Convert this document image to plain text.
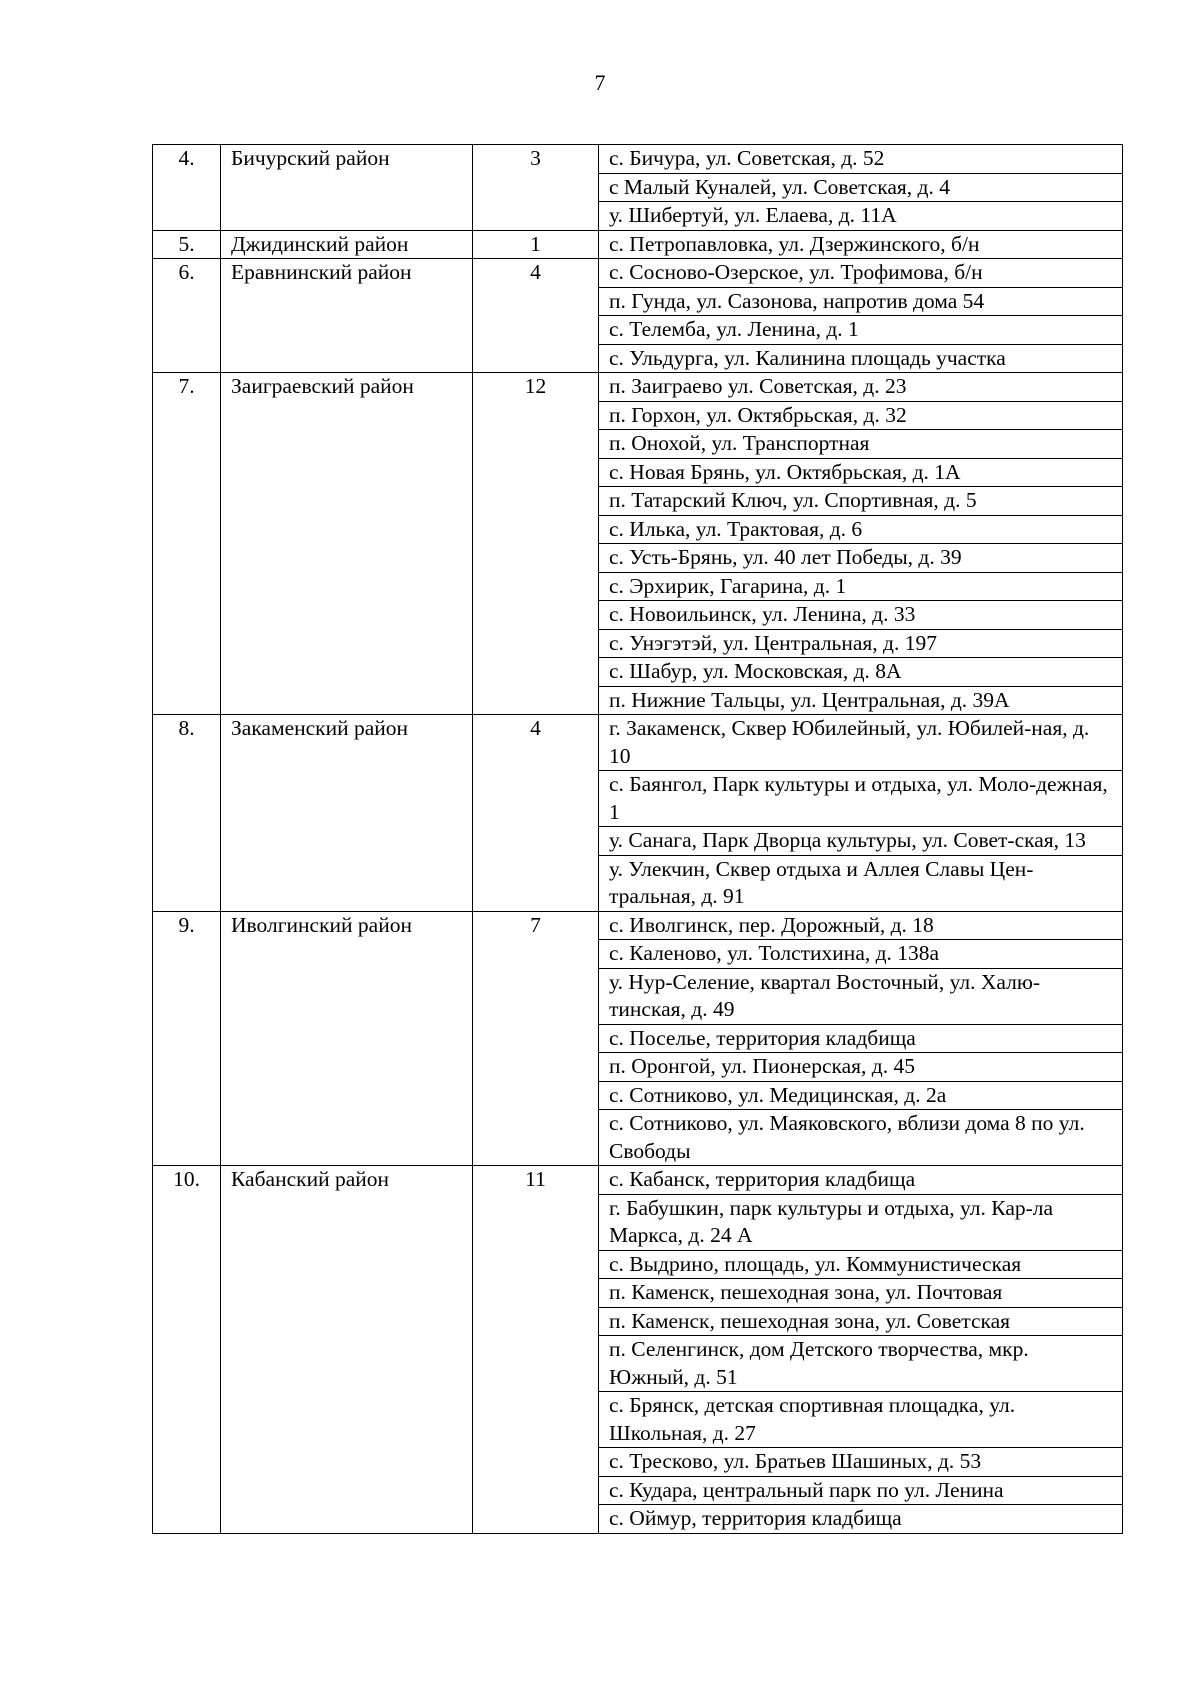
7
4.	Бичурский район	3	с. Бичура, ул. Советская, д. 52
			с Малый Куналей, ул. Советская, д. 4
			у. Шибертуй, ул. Елаева, д. 11А
5.	Джидинский район	1	с. Петропавловка, ул. Дзержинского, б/н
6.	Еравнинский район	4	с. Сосново-Озерское, ул. Трофимова, б/н
			п. Гунда, ул. Сазонова, напротив дома 54
			с. Телемба, ул. Ленина, д. 1
			с. Ульдурга, ул. Калинина площадь участка
7.	Заиграевский район	12	п. Заиграево ул. Советская, д. 23
			п. Горхон, ул. Октябрьская, д. 32
			п. Онохой, ул. Транспортная
			с. Новая Брянь, ул. Октябрьская, д. 1А
			п. Татарский Ключ, ул. Спортивная, д. 5
			с. Илька, ул. Трактовая, д. 6
			с. Усть-Брянь, ул. 40 лет Победы, д. 39
			с. Эрхирик, Гагарина, д. 1
			с. Новоильинск, ул. Ленина, д. 33
			с. Унэгэтэй, ул. Центральная, д. 197
			с. Шабур, ул. Московская, д. 8А
			п. Нижние Тальцы, ул. Центральная, д. 39А
8.	Закаменский район	4	г. Закаменск, Сквер Юбилейный, ул. Юбилей-ная, д. 10
			с. Баянгол, Парк культуры и отдыха, ул. Моло-дежная, 1
			у. Санага, Парк Дворца культуры, ул. Совет-ская, 13
			у. Улекчин, Сквер отдыха и Аллея Славы Цен-тральная, д. 91
9.	Иволгинский район	7	с. Иволгинск, пер. Дорожный, д. 18
			с. Каленово, ул. Толстихина, д. 138а
			у. Нур-Селение, квартал Восточный, ул. Халю-тинская, д. 49
			с. Поселье, территория кладбища
			п. Оронгой, ул. Пионерская, д. 45
			с. Сотниково, ул. Медицинская, д. 2а
			с. Сотниково, ул. Маяковского, вблизи дома 8 по ул. Свободы
10.	Кабанский район	11	с. Кабанск, территория кладбища
			г. Бабушкин, парк культуры и отдыха, ул. Кар-ла Маркса, д. 24 А
			с. Выдрино, площадь, ул. Коммунистическая
			п. Каменск, пешеходная зона, ул. Почтовая
			п. Каменск, пешеходная зона, ул. Советская
			п. Селенгинск, дом Детского творчества, мкр. Южный, д. 51
			с. Брянск, детская спортивная площадка, ул. Школьная, д. 27
			с. Тресково, ул. Братьев Шашиных, д. 53
			с. Кудара, центральный парк по ул. Ленина
			с. Оймур, территория кладбища
